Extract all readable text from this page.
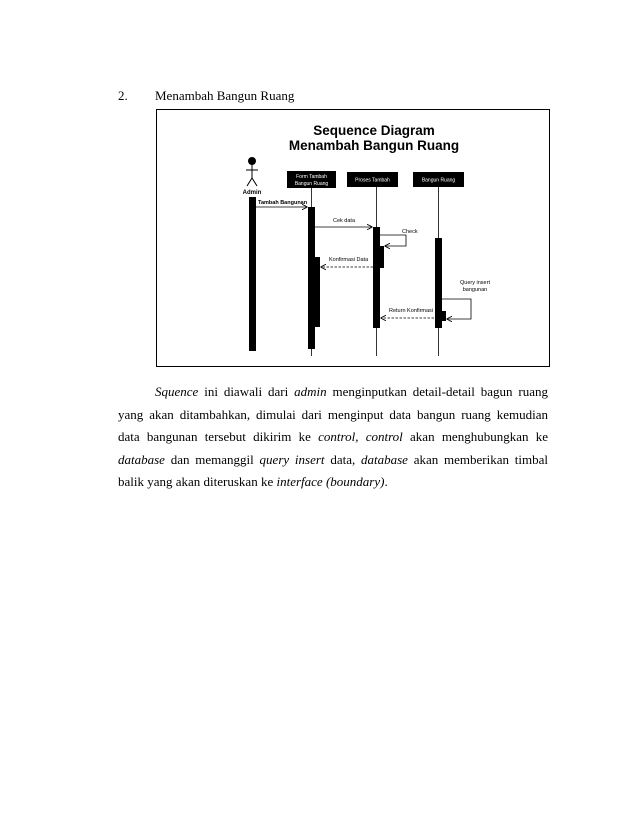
2. Menambah Bangun Ruang
Sequence Diagram
Menambah Bangun Ruang
Admin
Form Tambah
Bangun Ruang
Proses Tambah	Bangun Ruang
Tambah Bangunan
Cek data
Check
Konfirmasi Data
Query insert
bangunan
Return Konfirmasi

Squence ini diawali dari admin menginputkan detail-detail bagun ruang yang akan ditambahkan, dimulai dari menginput data bangun ruang kemudian data bangunan tersebut dikirim ke control, control akan menghubungkan ke database dan memanggil query insert data, database akan memberikan timbal balik yang akan diteruskan ke interface (boundary).
